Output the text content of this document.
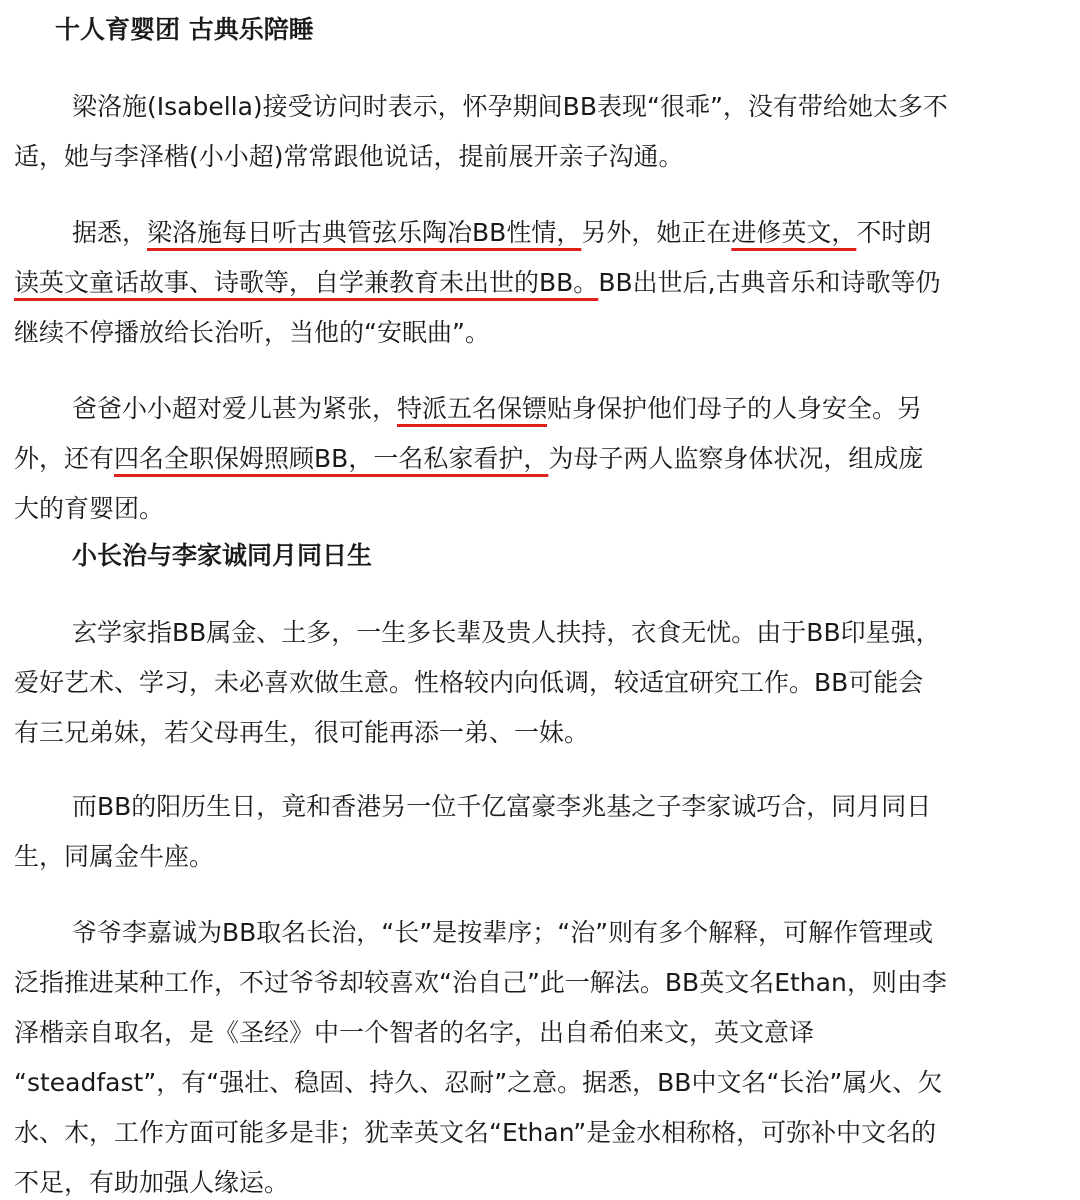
十人育婴团 古典乐陪睡
梁洛施(Isabella)接受访问时表示，怀孕期间BB表现“很乖”，没有带给她太多不
适，她与李泽楷(小小超)常常跟他说话，提前展开亲子沟通。
据悉，梁洛施每日听古典管弦乐陶冶BB性情，另外，她正在进修英文，不时朗
读英文童话故事、诗歌等，自学兼教育未出世的BB。BB出世后,古典音乐和诗歌等仍
继续不停播放给长治听，当他的“安眠曲”。
爸爸小小超对爱儿甚为紧张，特派五名保镖贴身保护他们母子的人身安全。另
外，还有四名全职保姆照顾BB，一名私家看护，为母子两人监察身体状况，组成庞
大的育婴团。
小长治与李家诚同月同日生
玄学家指BB属金、土多，一生多长辈及贵人扶持，衣食无忧。由于BB印星强，
爱好艺术、学习，未必喜欢做生意。性格较内向低调，较适宜研究工作。BB可能会
有三兄弟妹，若父母再生，很可能再添一弟、一妹。
而BB的阳历生日，竟和香港另一位千亿富豪李兆基之子李家诚巧合，同月同日
生，同属金牛座。
爷爷李嘉诚为BB取名长治，“长”是按辈序；“治”则有多个解释，可解作管理或
泛指推进某种工作，不过爷爷却较喜欢“治自己”此一解法。BB英文名Ethan，则由李
泽楷亲自取名，是《圣经》中一个智者的名字，出自希伯来文，英文意译
“steadfast”，有“强壮、稳固、持久、忍耐”之意。据悉，BB中文名“长治”属火、欠
水、木，工作方面可能多是非；犹幸英文名“Ethan”是金水相称格，可弥补中文名的
不足，有助加强人缘运。
